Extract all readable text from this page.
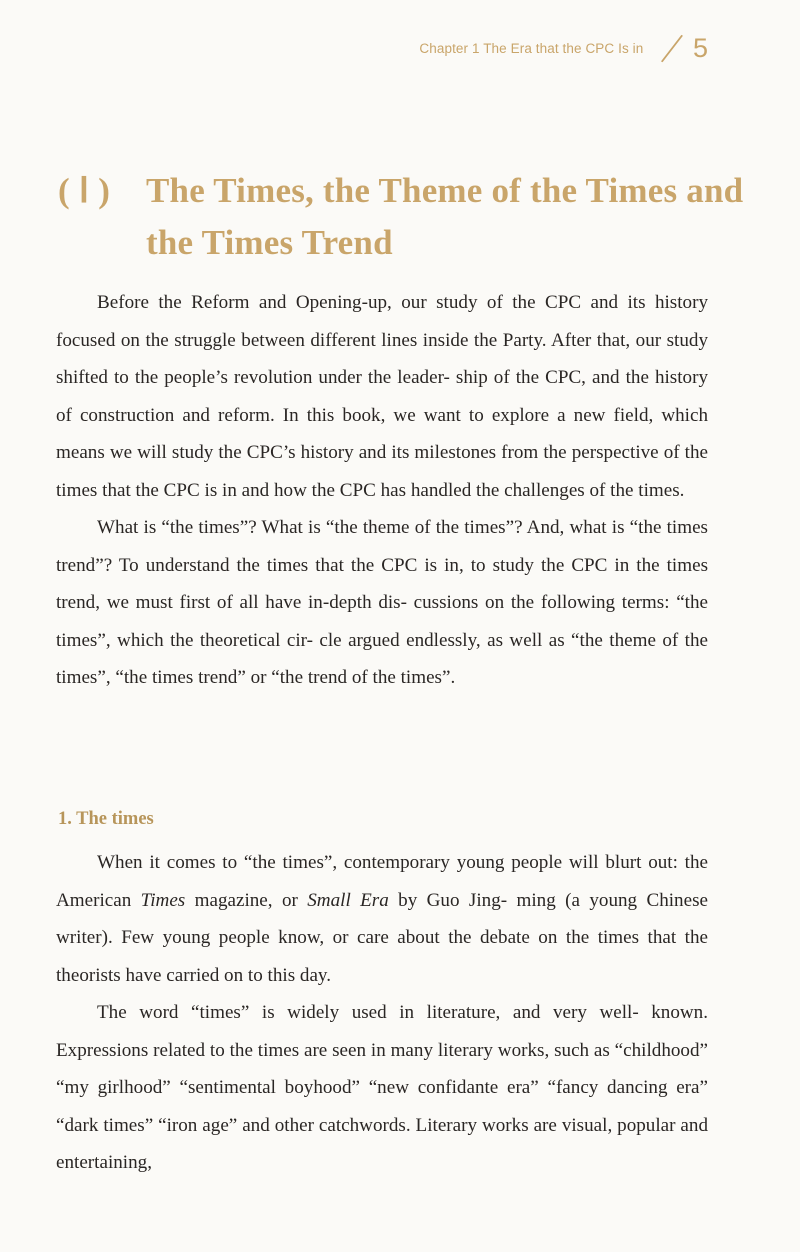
Chapter 1 The Era that the CPC Is in 5
( Ⅰ ) The Times, the Theme of the Times and the Times Trend

Before the Reform and Opening-up, our study of the CPC and its history focused on the struggle between different lines inside the Party. After that, our study shifted to the people’s revolution under the leader- ship of the CPC, and the history of construction and reform. In this book, we want to explore a new field, which means we will study the CPC’s history and its milestones from the perspective of the times that the CPC is in and how the CPC has handled the challenges of the times.

What is “the times”? What is “the theme of the times”? And, what is “the times trend”? To understand the times that the CPC is in, to study the CPC in the times trend, we must first of all have in-depth dis- cussions on the following terms: “the times”, which the theoretical cir- cle argued endlessly, as well as “the theme of the times”, “the times trend” or “the trend of the times”.

1. The times

When it comes to “the times”, contemporary young people will blurt out: the American Times magazine, or Small Era by Guo Jing- ming (a young Chinese writer). Few young people know, or care about the debate on the times that the theorists have carried on to this day.

The word “times” is widely used in literature, and very well- known. Expressions related to the times are seen in many literary works, such as “childhood” “my girlhood” “sentimental boyhood” “new confidante era” “fancy dancing era” “dark times” “iron age” and other catchwords. Literary works are visual, popular and entertaining,
